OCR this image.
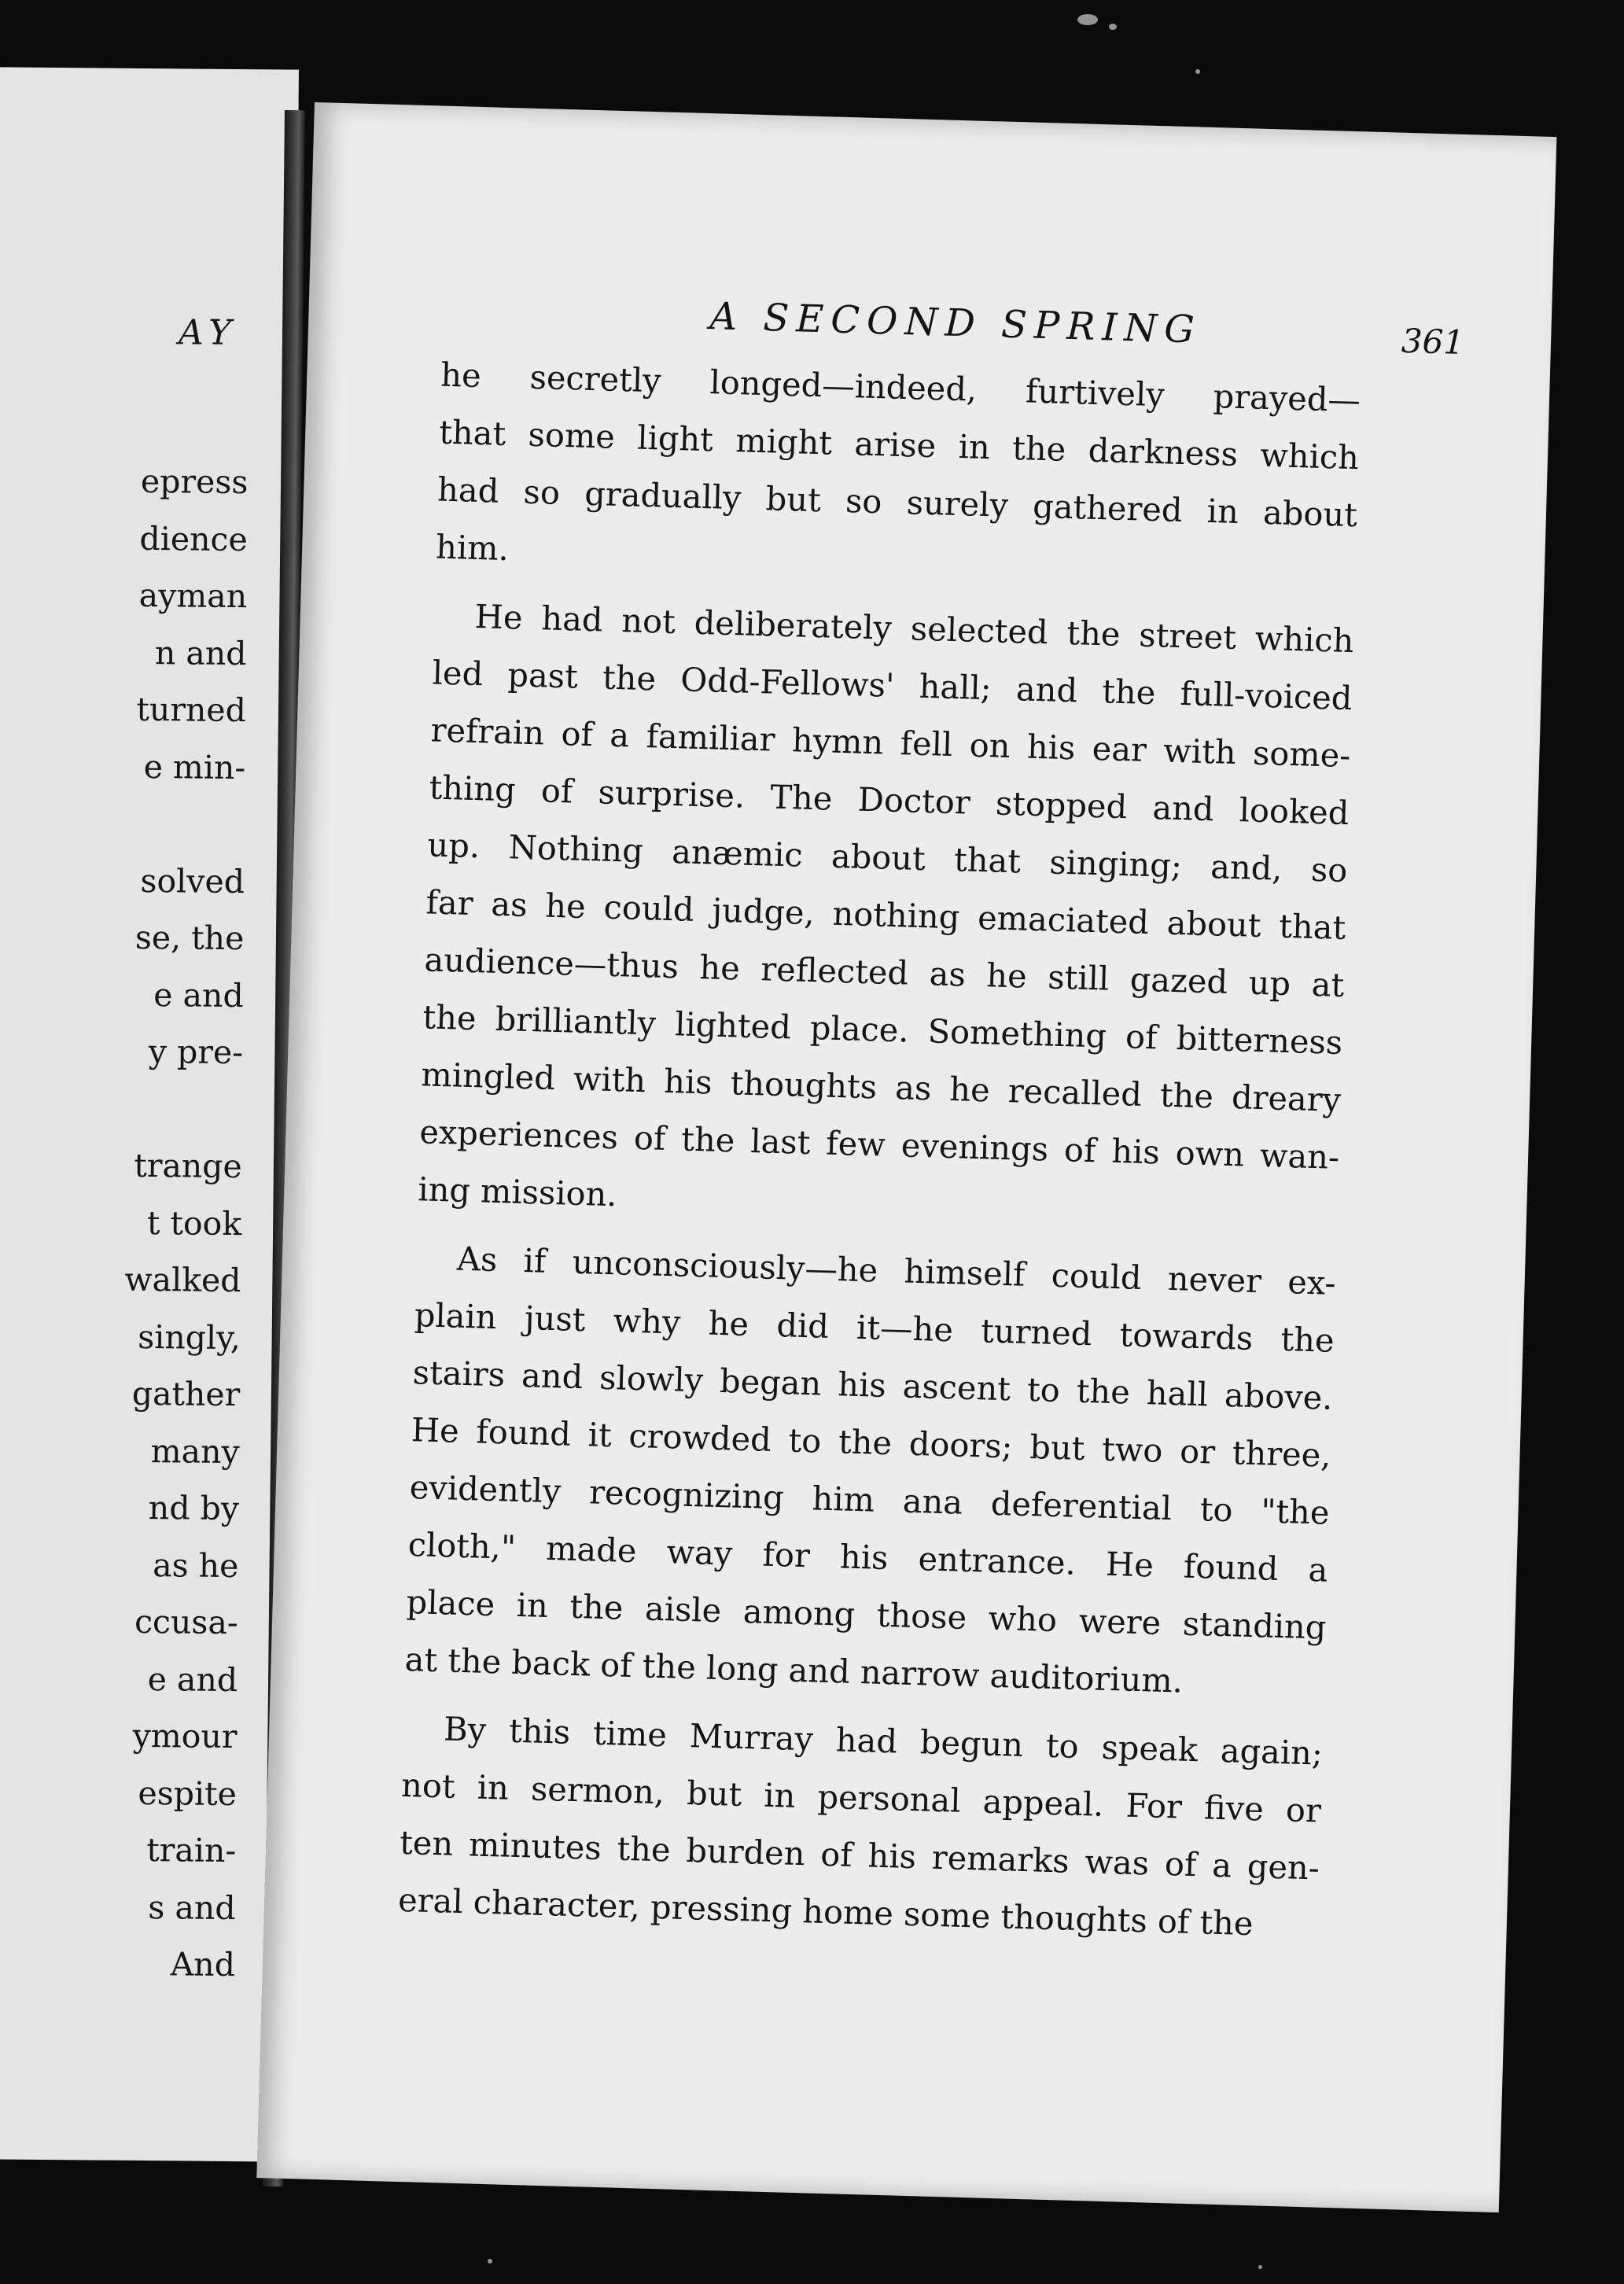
AY
epress
dience
ayman
n and
turned
e min-
solved
se, the
e and
y pre-
trange
t took
walked
singly,
gather
many
nd by
as he
ccusa-
e and
ymour
espite
train-
s and
And
A SECOND SPRING	361
he secretly longed—indeed, furtively prayed—
that some light might arise in the darkness which
had so gradually but so surely gathered in about
him.
He had not deliberately selected the street which
led past the Odd-Fellows' hall; and the full-voiced
refrain of a familiar hymn fell on his ear with some-
thing of surprise. The Doctor stopped and looked
up. Nothing anæmic about that singing; and, so
far as he could judge, nothing emaciated about that
audience—thus he reflected as he still gazed up at
the brilliantly lighted place. Something of bitterness
mingled with his thoughts as he recalled the dreary
experiences of the last few evenings of his own wan-
ing mission.
As if unconsciously—he himself could never ex-
plain just why he did it—he turned towards the
stairs and slowly began his ascent to the hall above.
He found it crowded to the doors; but two or three,
evidently recognizing him ana deferential to "the
cloth," made way for his entrance. He found a
place in the aisle among those who were standing
at the back of the long and narrow auditorium.
By this time Murray had begun to speak again;
not in sermon, but in personal appeal. For five or
ten minutes the burden of his remarks was of a gen-
eral character, pressing home some thoughts of the
